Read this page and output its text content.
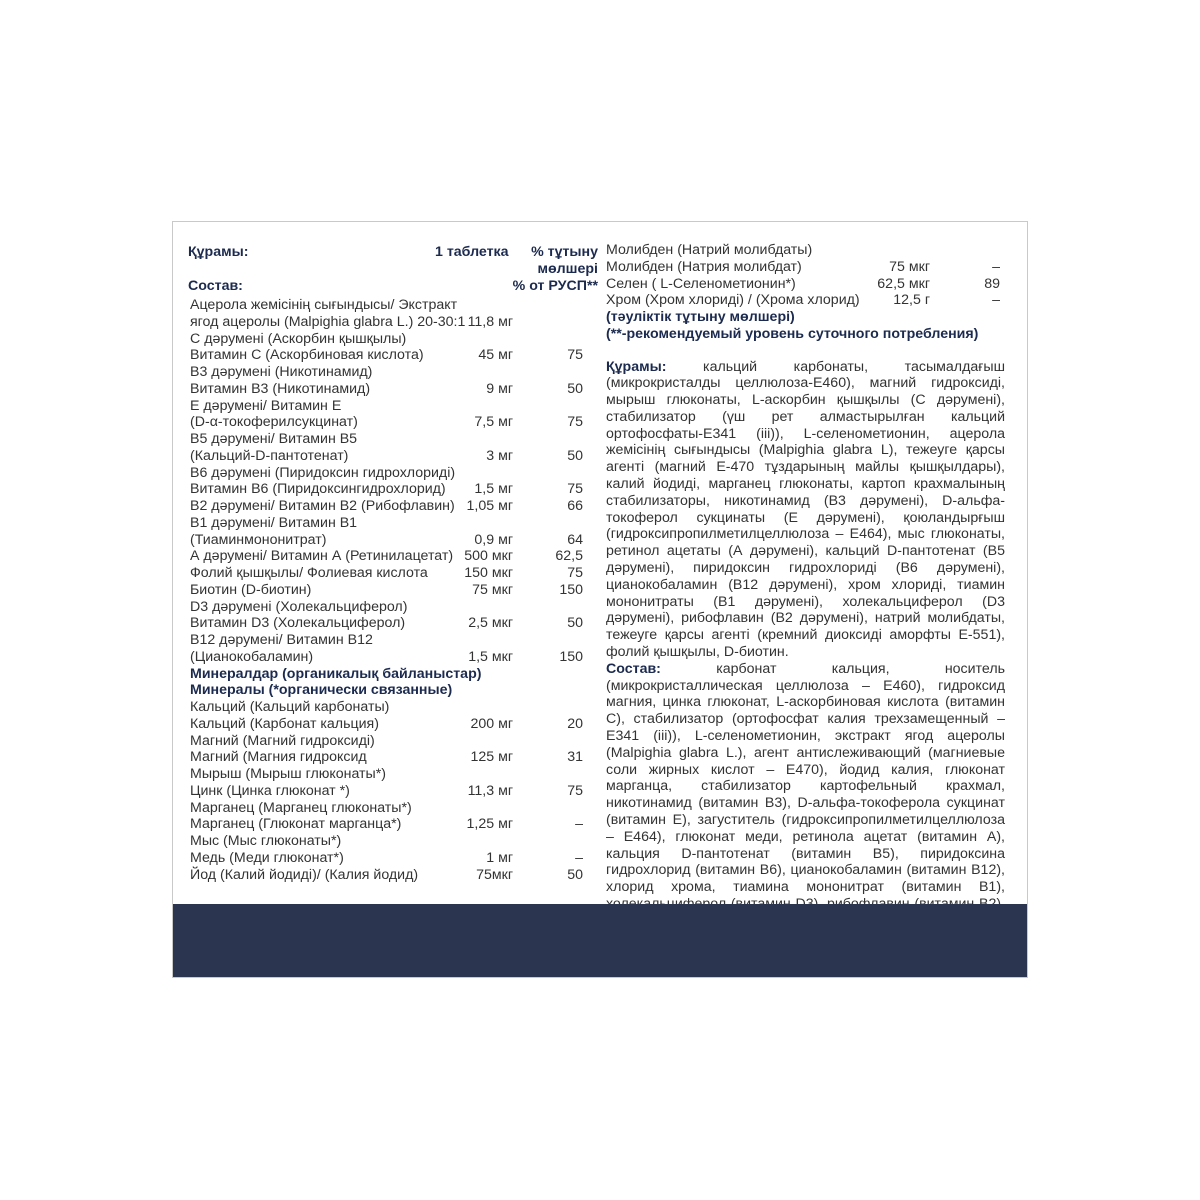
Құрамы:	1 таблетка % тұтыну
мөлшері
Состав:	% от РУСП**
Ацерола жемісінің сығындысы/ Экстракт
ягод ацеролы (Malpighia glabra L.) 20-30:1 11,8 мг
С дәрумені (Аскорбин қышқылы)
Витамин С (Аскорбиновая кислота)	45 мг	75
В3 дәрумені (Никотинамид)
Витамин В3 (Никотинамид)	9 мг	50
Е дәрумені/ Витамин Е
(D-α-токоферилсукцинат)	7,5 мг	75
В5 дәрумені/ Витамин В5
(Кальций-D-пантотенат)	3 мг	50
В6 дәрумені (Пиридоксин гидрохлориді)
Витамин В6 (Пиридоксингидрохлорид) 1,5 мг	75
В2 дәрумені/ Витамин В2 (Рибофлавин) 1,05 мг	66
В1 дәрумені/ Витамин В1
(Тиаминмононитрат)	0,9 мг	64
А дәрумені/ Витамин А (Ретинилацетат) 500 мкг	62,5
Фолий қышқылы/ Фолиевая кислота	150 мкг	75
Биотин (D-биотин)	75 мкг	150
D3 дәрумені (Холекальциферол)
Витамин D3 (Холекальциферол)	2,5 мкг	50
В12 дәрумені/ Витамин В12
(Цианокобаламин)	1,5 мкг	150
Минералдар (органикалық байланыстар)
Минералы (*органически связанные)
Кальций (Кальций карбонаты)
Кальций (Карбонат кальция)	200 мг	20
Магний (Магний гидроксиді)
Магний (Магния гидроксид	125 мг	31
Мырыш (Мырыш глюконаты*)
Цинк (Цинка глюконат *)	11,3 мг	75
Марганец (Марганец глюконаты*)
Марганец (Глюконат марганца*)	1,25 мг	–
Мыс (Мыс глюконаты*)
Медь (Меди глюконат*)	1 мг	–
Йод (Калий йодиді)/ (Калия йодид)	75мкг	50
Молибден (Натрий молибдаты)
Молибден (Натрия молибдат)	75 мкг	–
Селен ( L-Селенометионин*)	62,5 мкг	89
Хром (Хром хлориді) / (Хрома хлорид) 12,5 г	–
(тәуліктік тұтыну мөлшері)
(**-рекомендуемый уровень суточного потребления)
Құрамы:	кальций карбонаты, тасымалдағыш (микрокристалды целлюлоза-Е460), магний гидроксиді, мырыш глюконаты, L-аскорбин қышқылы (С дәрумені), стабилизатор (үш рет алмастырылған кальций ортофосфаты-Е341 (iii)), L-селенометионин, ацерола жемісінің сығындысы (Malpighia glabra L), тежеуге қарсы агенті (магний Е-470 тұздарының майлы қышқылдары), калий йодиді, марганец глюконаты, картоп крахмалының стабилизаторы, никотинамид (В3 дәрумені), D-альфа-токоферол сукцинаты (Е дәрумені), қоюландырғыш (гидроксипропилметилцеллюлоза – Е464), мыс глюконаты, ретинол ацетаты (А дәрумені), кальций D-пантотенат (В5 дәрумені), пиридоксин гидрохлориді (В6 дәрумені), цианокобаламин (В12 дәрумені), хром хлориді, тиамин мононитраты (В1 дәрумені), холекальциферол (D3 дәрумені), рибофлавин (В2 дәрумені), натрий молибдаты, тежеуге қарсы агенті (кремний диоксиді аморфты Е-551), фолий қышқылы, D-биотин.
Состав:	карбонат кальция, носитель (микрокристаллическая целлюлоза – Е460), гидроксид магния, цинка глюконат, L-аскорбиновая кислота (витамин С), стабилизатор (ортофосфат калия трехзамещенный – Е341 (iii)), L-селенометионин, экстракт ягод ацеролы (Malpighia glabra L.), агент антислеживающий (магниевые соли жирных кислот – Е470), йодид калия, глюконат марганца, стабилизатор картофельный крахмал, никотинамид (витамин В3), D-альфа-токоферола сукцинат (витамин Е), загуститель (гидроксипропилметилцеллюлоза – Е464), глюконат меди, ретинола ацетат (витамин А), кальция D-пантотенат (витамин В5), пиридоксина гидрохлорид (витамин В6), цианокобаламин (витамин В12), хлорид хрома, тиамина мононитрат (витамин В1),
